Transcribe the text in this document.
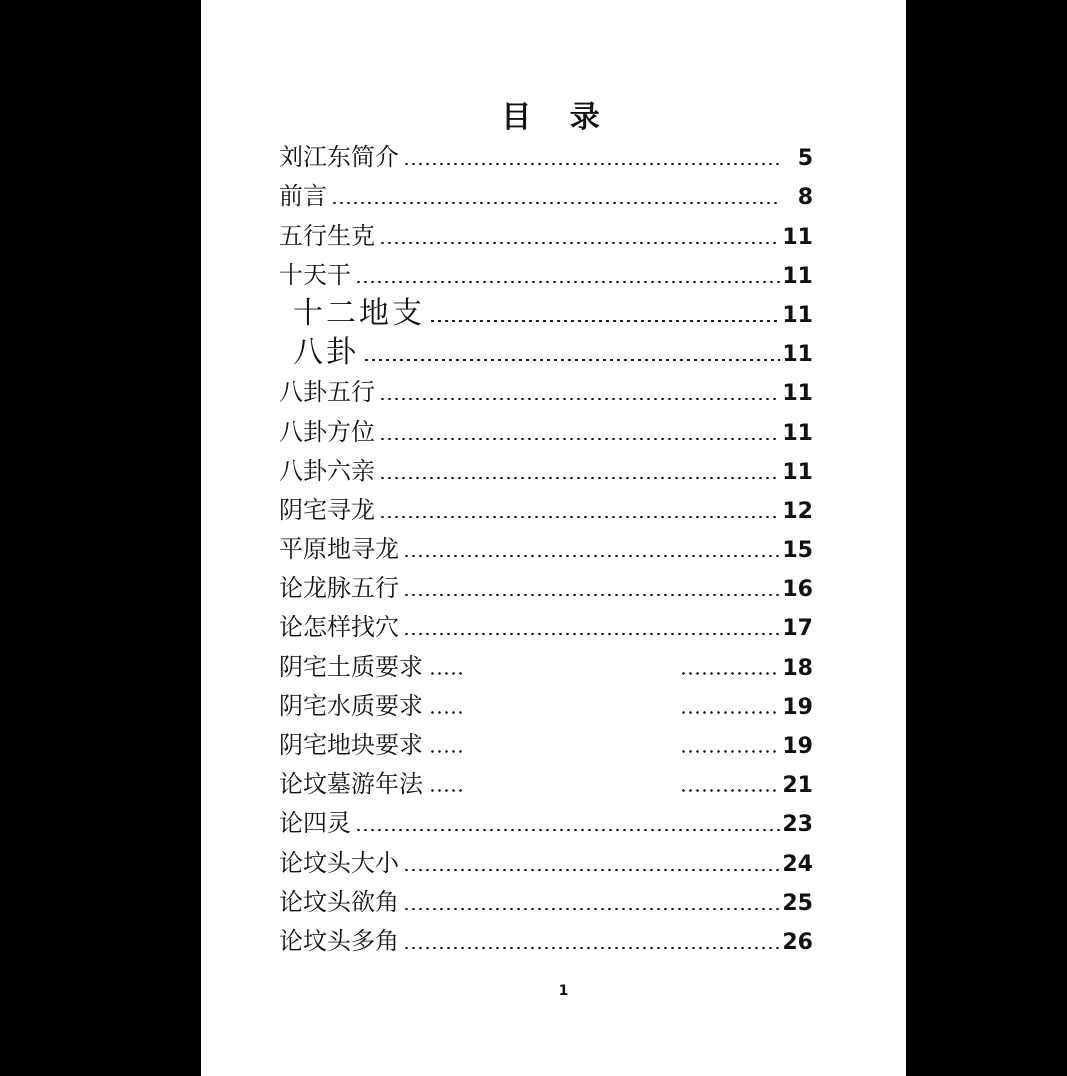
目 录
刘江东简介	5
前言	8
五行生克	11
十天干	11
十二地支	11
八卦	11
八卦五行	11
八卦方位	11
八卦六亲	11
阴宅寻龙	12
平原地寻龙	15
论龙脉五行	16
论怎样找穴	17
阴宅土质要求	18
阴宅水质要求	19
阴宅地块要求	19
论坟墓游年法	21
论四灵	23
论坟头大小	24
论坟头欲角	25
论坟头多角	26
1
